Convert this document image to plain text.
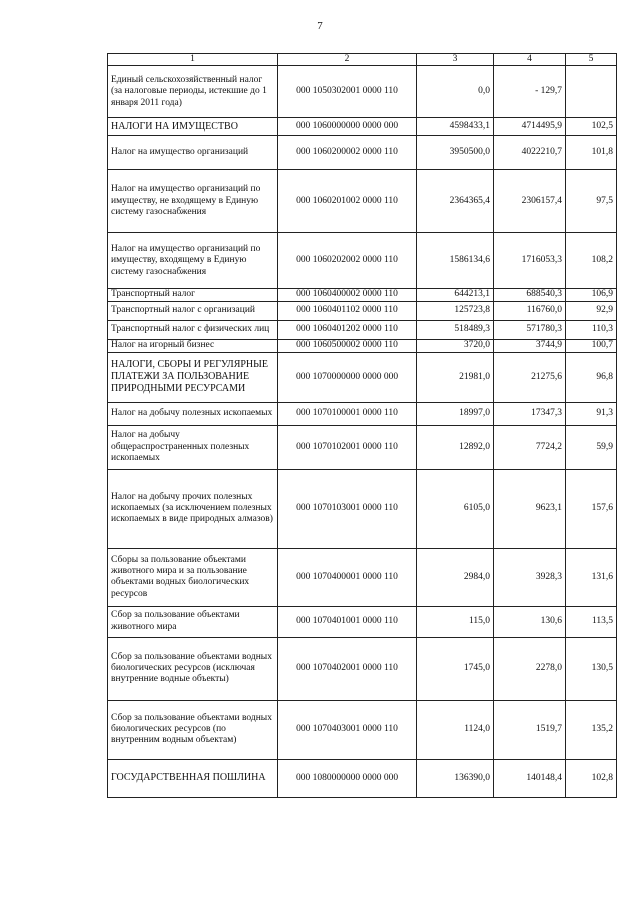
7
1	2	3	4	5
Единый сельскохозяйственный налог (за налоговые периоды, истекшие до 1 января 2011 года)	000 1050302001 0000 110	0,0	- 129,7	
НАЛОГИ НА ИМУЩЕСТВО	000 1060000000 0000 000	4598433,1	4714495,9	102,5
Налог на имущество организаций	000 1060200002 0000 110	3950500,0	4022210,7	101,8
Налог на имущество организаций по имуществу, не входящему в Единую систему газоснабжения	000 1060201002 0000 110	2364365,4	2306157,4	97,5
Налог на имущество организаций по имуществу, входящему в Единую систему газоснабжения	000 1060202002 0000 110	1586134,6	1716053,3	108,2
Транспортный налог	000 1060400002 0000 110	644213,1	688540,3	106,9
Транспортный налог с организаций	000 1060401102 0000 110	125723,8	116760,0	92,9
Транспортный налог с физических лиц	000 1060401202 0000 110	518489,3	571780,3	110,3
Налог на игорный бизнес	000 1060500002 0000 110	3720,0	3744,9	100,7
НАЛОГИ, СБОРЫ И РЕГУЛЯРНЫЕ ПЛАТЕЖИ ЗА ПОЛЬЗОВАНИЕ ПРИРОДНЫМИ РЕСУРСАМИ	000 1070000000 0000 000	21981,0	21275,6	96,8
Налог на добычу полезных ископаемых	000 1070100001 0000 110	18997,0	17347,3	91,3
Налог на добычу общераспространенных полезных ископаемых	000 1070102001 0000 110	12892,0	7724,2	59,9
Налог на добычу прочих полезных ископаемых (за исключением полезных ископаемых в виде природных алмазов)	000 1070103001 0000 110	6105,0	9623,1	157,6
Сборы за пользование объектами животного мира и за пользование объектами водных биологических ресурсов	000 1070400001 0000 110	2984,0	3928,3	131,6
Сбор за пользование объектами животного мира	000 1070401001 0000 110	115,0	130,6	113,5
Сбор за пользование объектами водных биологических ресурсов (исключая внутренние водные объекты)	000 1070402001 0000 110	1745,0	2278,0	130,5
Сбор за пользование объектами водных биологических ресурсов (по внутренним водным объектам)	000 1070403001 0000 110	1124,0	1519,7	135,2
ГОСУДАРСТВЕННАЯ ПОШЛИНА	000 1080000000 0000 000	136390,0	140148,4	102,8
